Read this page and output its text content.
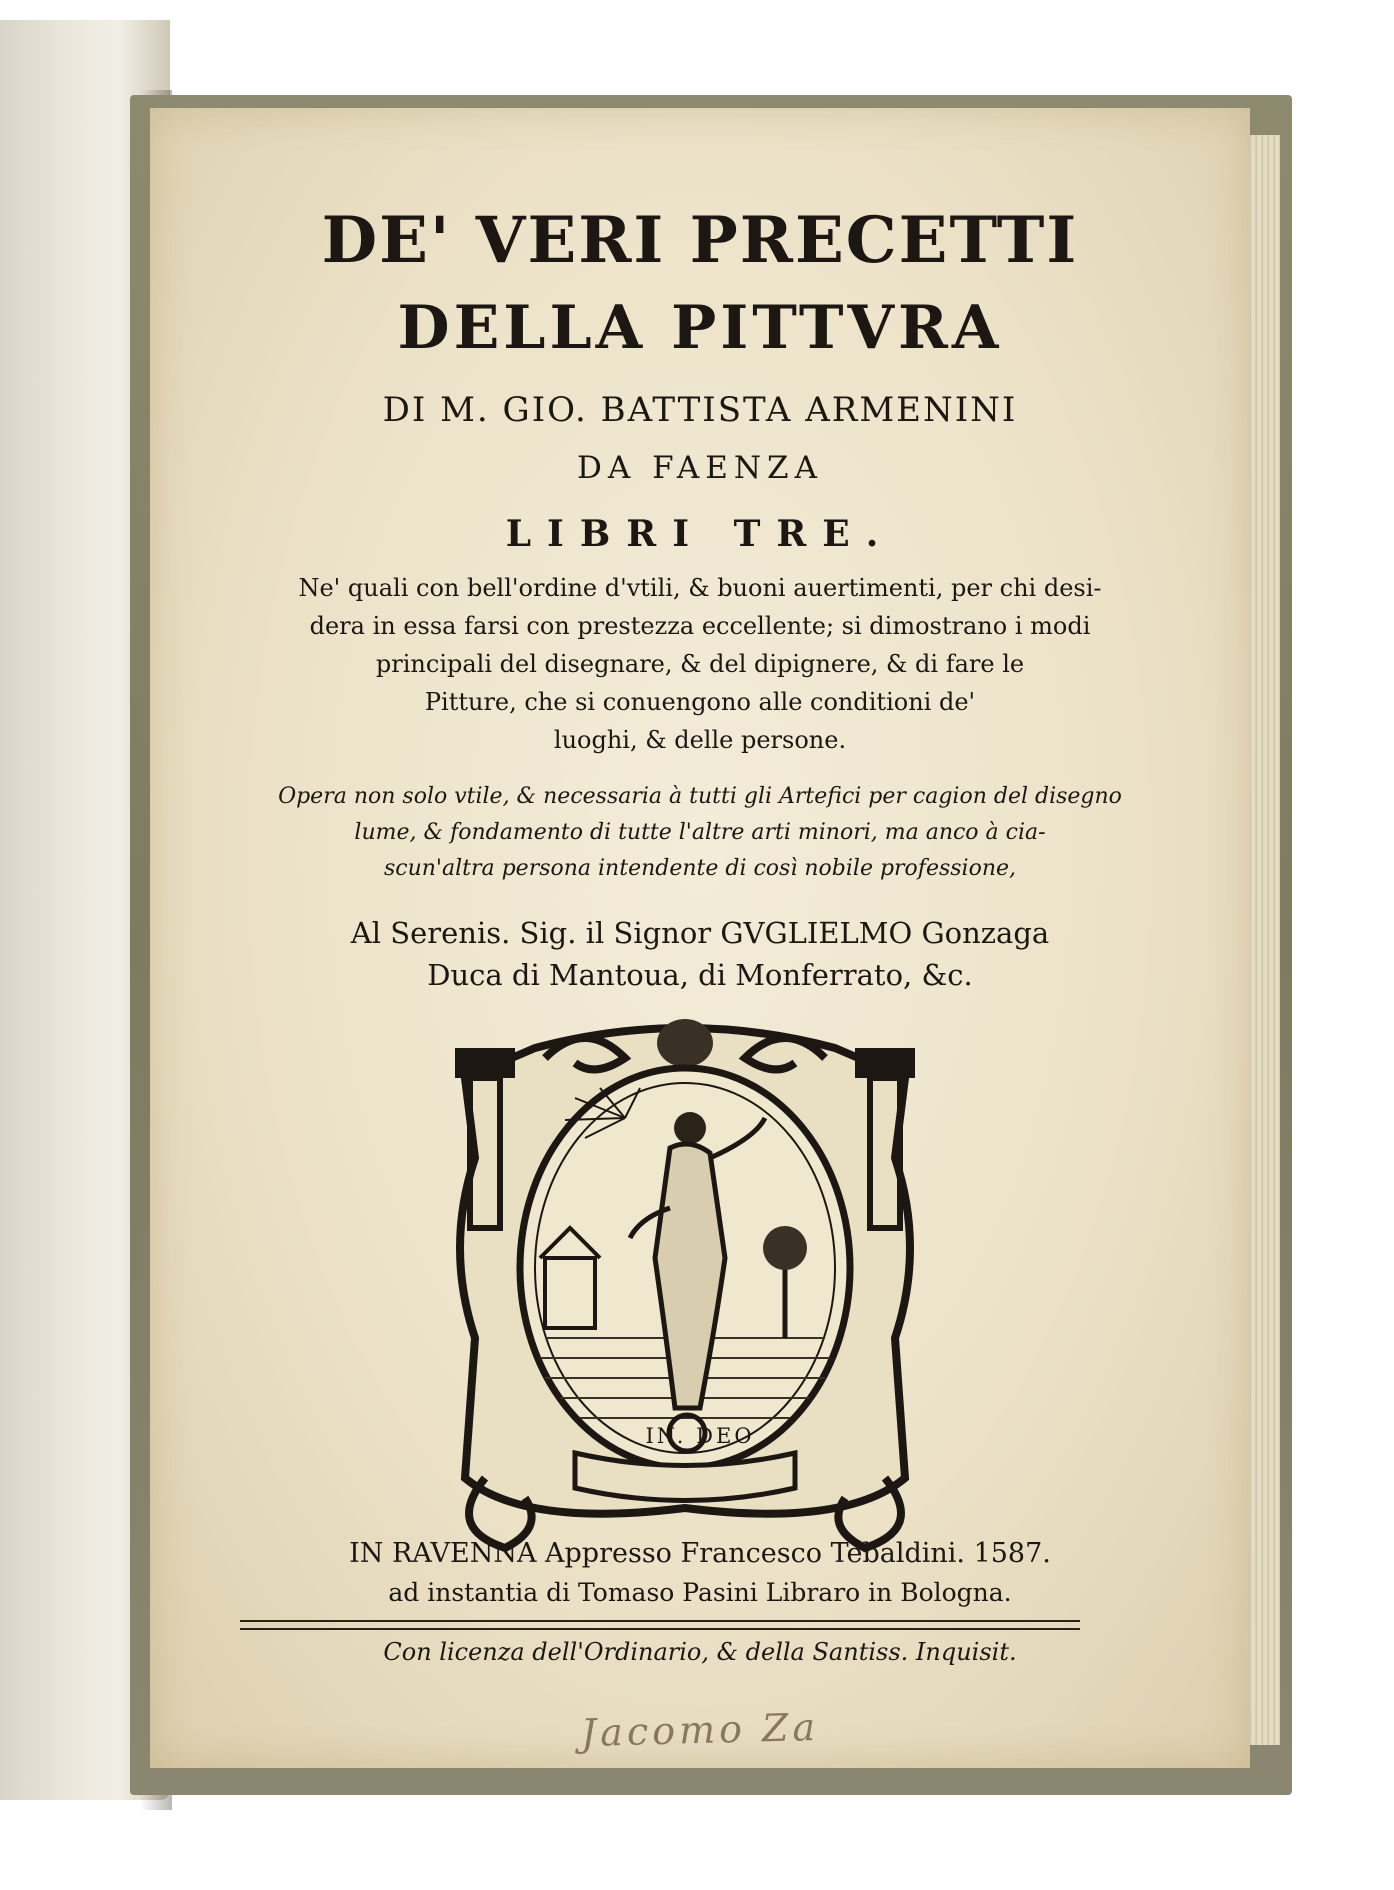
DE' VERI PRECETTI
DELLA PITTVRA
DI M. GIO. BATTISTA ARMENINI
DA FAENZA
LIBRI TRE.
Ne' quali con bell'ordine d'vtili, & buoni auertimenti, per chi desi-
dera in essa farsi con prestezza eccellente; si dimostrano i modi
principali del disegnare, & del dipignere, & di fare le
Pitture, che si conuengono alle conditioni de'
luoghi, & delle persone.
Opera non solo vtile, & necessaria à tutti gli Artefici per cagion del disegno
lume, & fondamento di tutte l'altre arti minori, ma anco à cia-
scun'altra persona intendente di così nobile professione,
Al Serenis. Sig. il Signor GVGLIELMO Gonzaga
Duca di Mantoua, di Monferrato, &c.
IN. DEO
IN RAVENNA Appresso Francesco Tebaldini. 1587.
ad instantia di Tomaso Pasini Libraro in Bologna.
Con licenza dell'Ordinario, & della Santiss. Inquisit.
Jacomo Za
